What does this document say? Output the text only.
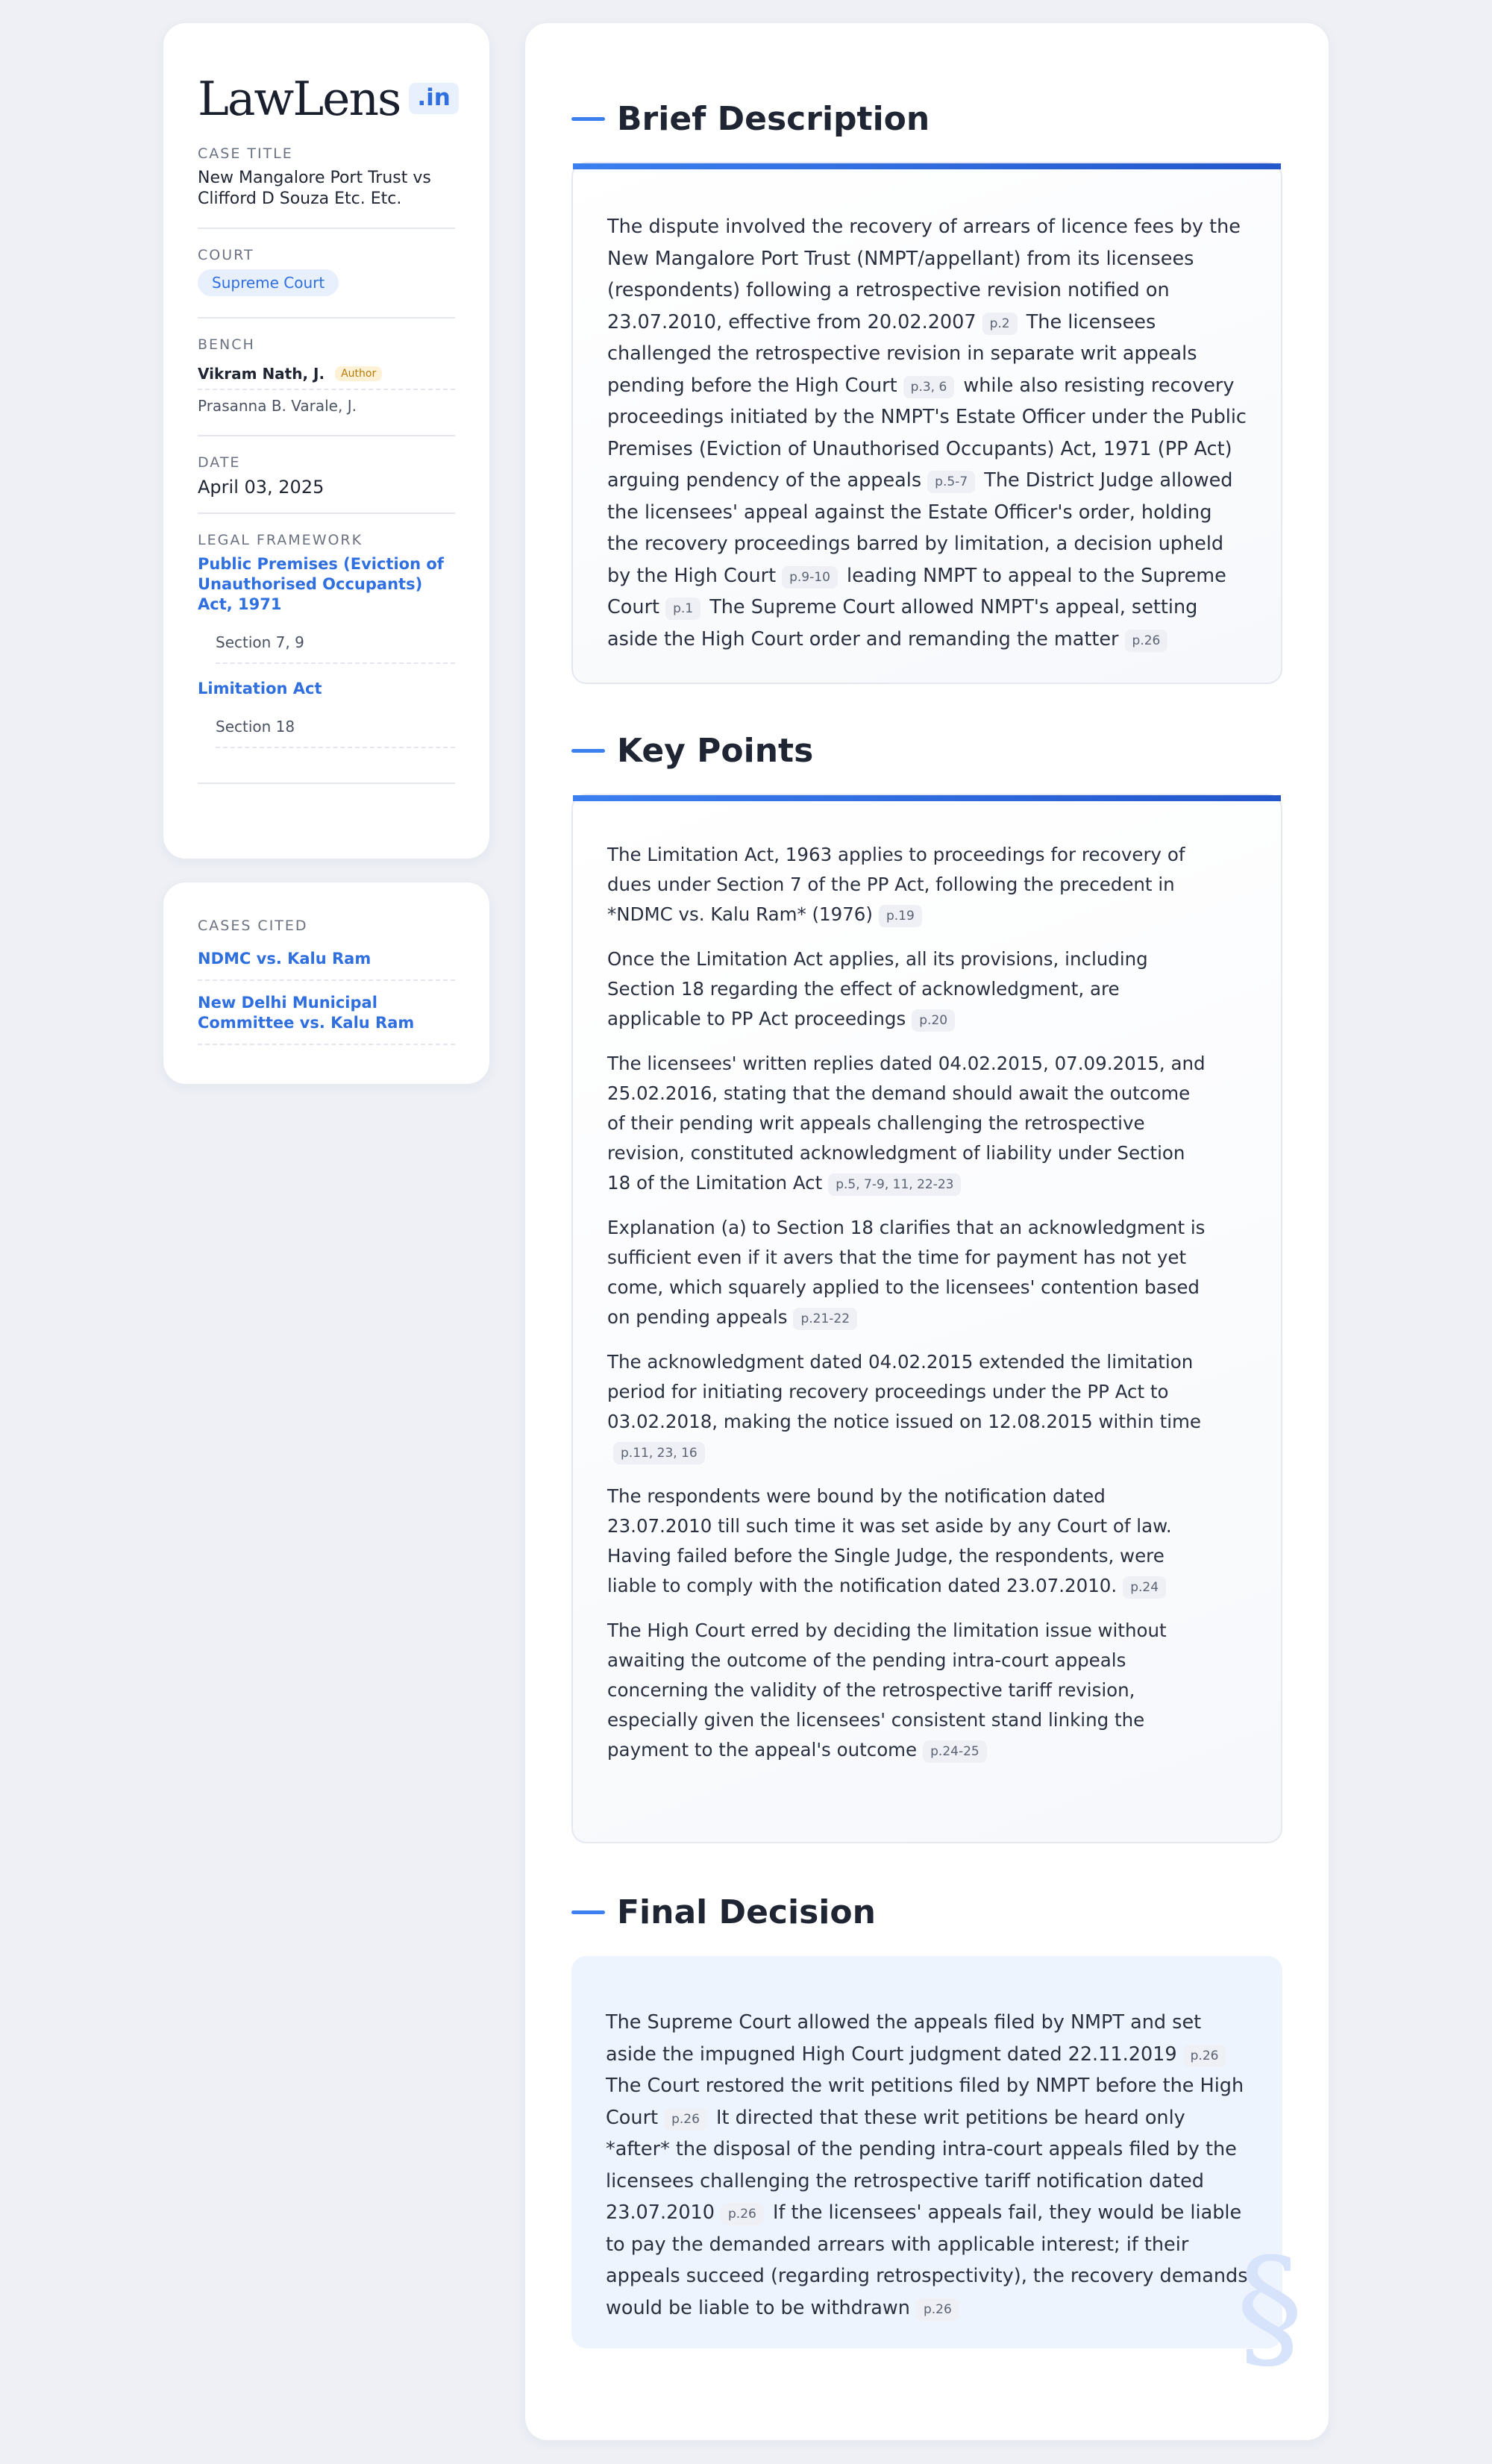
LawLens .in
CASE TITLE
New Mangalore Port Trust vs Clifford D Souza Etc. Etc.
COURT
Supreme Court
BENCH
Vikram Nath, J.	Author
Prasanna B. Varale, J.
DATE
April 03, 2025
LEGAL FRAMEWORK
Public Premises (Eviction of Unauthorised Occupants) Act, 1971
Section 7, 9
Limitation Act
Section 18
CASES CITED
NDMC vs. Kalu Ram
New Delhi Municipal Committee vs. Kalu Ram
Brief Description

The dispute involved the recovery of arrears of licence fees by the New Mangalore Port Trust (NMPT/appellant) from its licensees (respondents) following a retrospective revision notified on 23.07.2010, effective from 20.02.2007 p.2 The licensees challenged the retrospective revision in separate writ appeals pending before the High Court p.3, 6 while also resisting recovery proceedings initiated by the NMPT's Estate Officer under the Public Premises (Eviction of Unauthorised Occupants) Act, 1971 (PP Act) arguing pendency of the appeals p.5-7 The District Judge allowed the licensees' appeal against the Estate Officer's order, holding the recovery proceedings barred by limitation, a decision upheld by the High Court p.9-10 leading NMPT to appeal to the Supreme Court p.1 The Supreme Court allowed NMPT's appeal, setting aside the High Court order and remanding the matter p.26

Key Points

The Limitation Act, 1963 applies to proceedings for recovery of dues under Section 7 of the PP Act, following the precedent in *NDMC vs. Kalu Ram* (1976) p.19

Once the Limitation Act applies, all its provisions, including Section 18 regarding the effect of acknowledgment, are applicable to PP Act proceedings p.20

The licensees' written replies dated 04.02.2015, 07.09.2015, and 25.02.2016, stating that the demand should await the outcome of their pending writ appeals challenging the retrospective revision, constituted acknowledgment of liability under Section 18 of the Limitation Act p.5, 7-9, 11, 22-23

Explanation (a) to Section 18 clarifies that an acknowledgment is sufficient even if it avers that the time for payment has not yet come, which squarely applied to the licensees' contention based on pending appeals p.21-22

The acknowledgment dated 04.02.2015 extended the limitation period for initiating recovery proceedings under the PP Act to 03.02.2018, making the notice issued on 12.08.2015 within timep.11, 23, 16

The respondents were bound by the notification dated 23.07.2010 till such time it was set aside by any Court of law. Having failed before the Single Judge, the respondents, were liable to comply with the notification dated 23.07.2010. p.24

The High Court erred by deciding the limitation issue without awaiting the outcome of the pending intra-court appeals concerning the validity of the retrospective tariff revision, especially given the licensees' consistent stand linking the payment to the appeal's outcome p.24-25

Final Decision

The Supreme Court allowed the appeals filed by NMPT and set aside the impugned High Court judgment dated 22.11.2019 p.26 The Court restored the writ petitions filed by NMPT before the High Court p.26 It directed that these writ petitions be heard only *after* the disposal of the pending intra-court appeals filed by the licensees challenging the retrospective tariff notification dated 23.07.2010 p.26 If the licensees' appeals fail, they would be liable to pay the demanded arrears with applicable interest; if their appeals succeed (regarding retrospectivity), the recovery demands would be liable to be withdrawn p.26	§
